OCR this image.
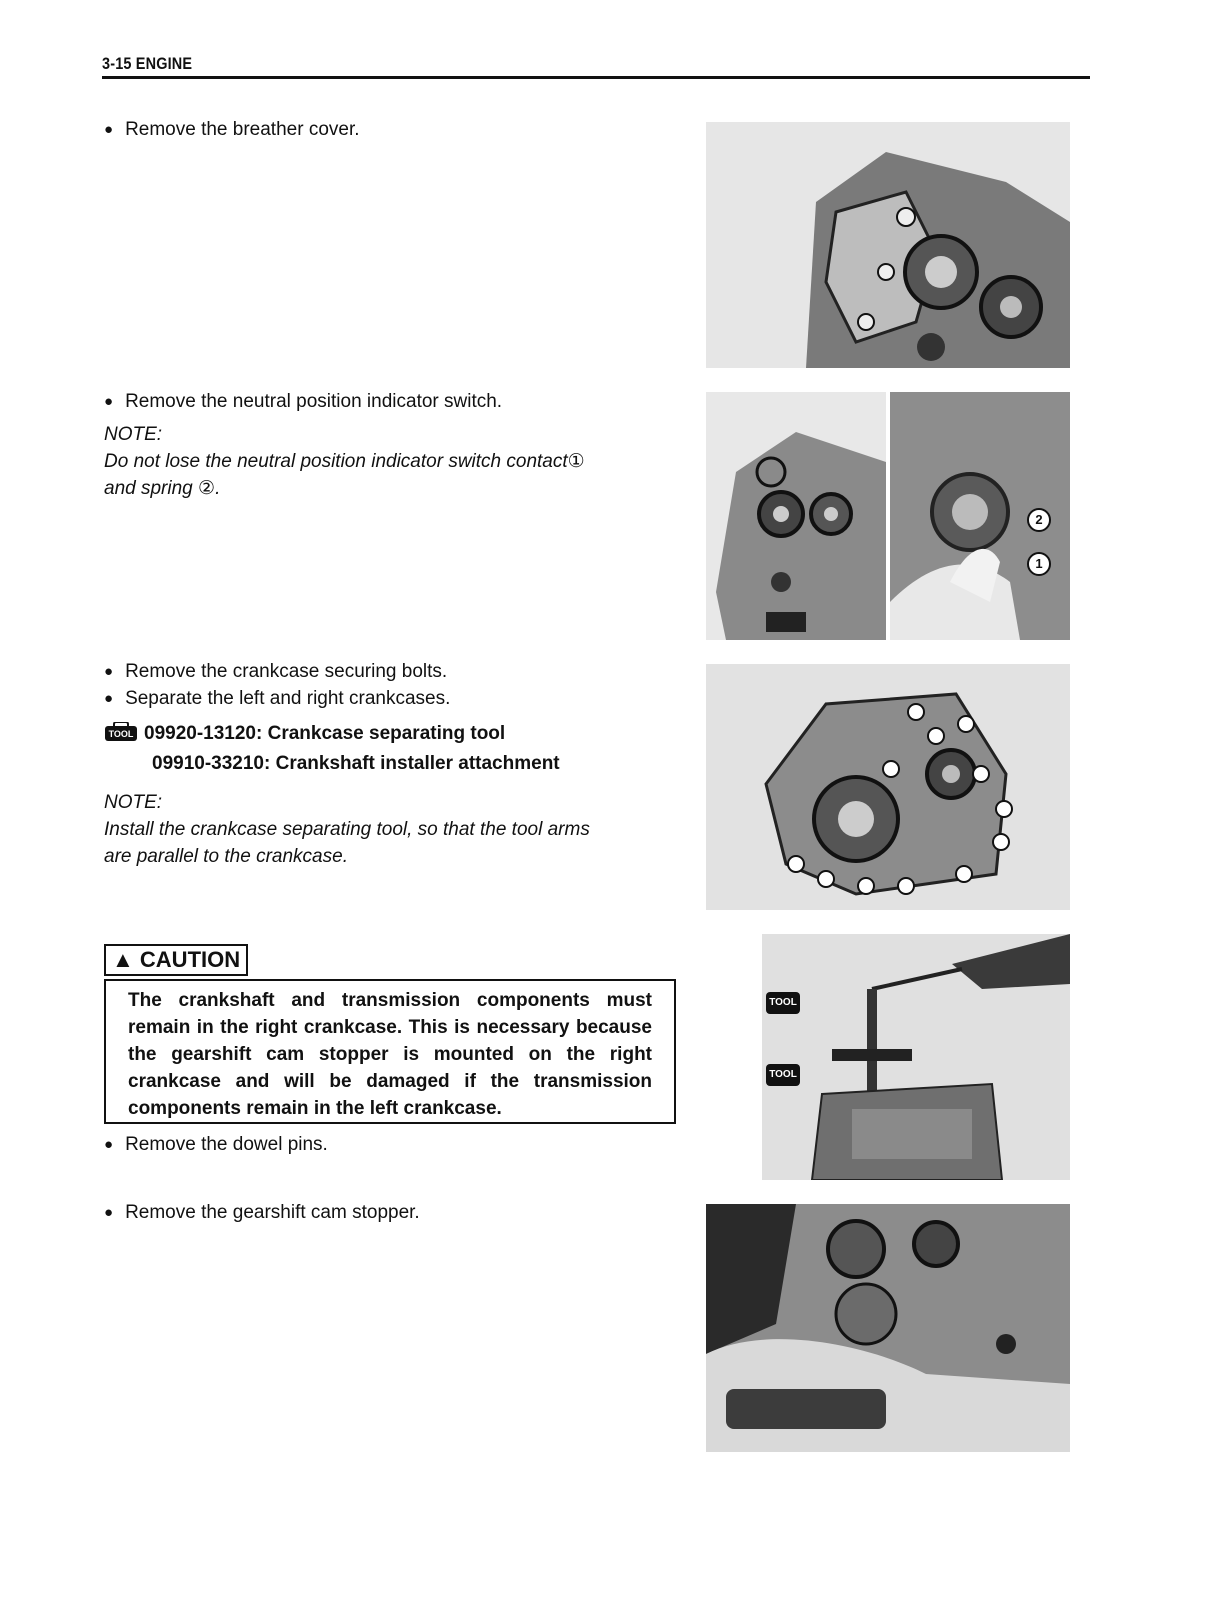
3-15 ENGINE
● Remove the breather cover.
● Remove the neutral position indicator switch.
NOTE:
Do not lose the neutral position indicator switch contact①
and spring ②.
● Remove the crankcase securing bolts.
● Separate the left and right crankcases.
TOOL 09920-13120: Crankcase separating tool
09910-33210: Crankshaft installer attachment
NOTE:
Install the crankcase separating tool, so that the tool arms
are parallel to the crankcase.
▲ CAUTION
The crankshaft and transmission components must remain in the right crankcase. This is necessary because the gearshift cam stopper is mounted on the right crankcase and will be damaged if the transmission components remain in the left crankcase.
● Remove the dowel pins.
● Remove the gearshift cam stopper.
2
1
TOOL
TOOL
